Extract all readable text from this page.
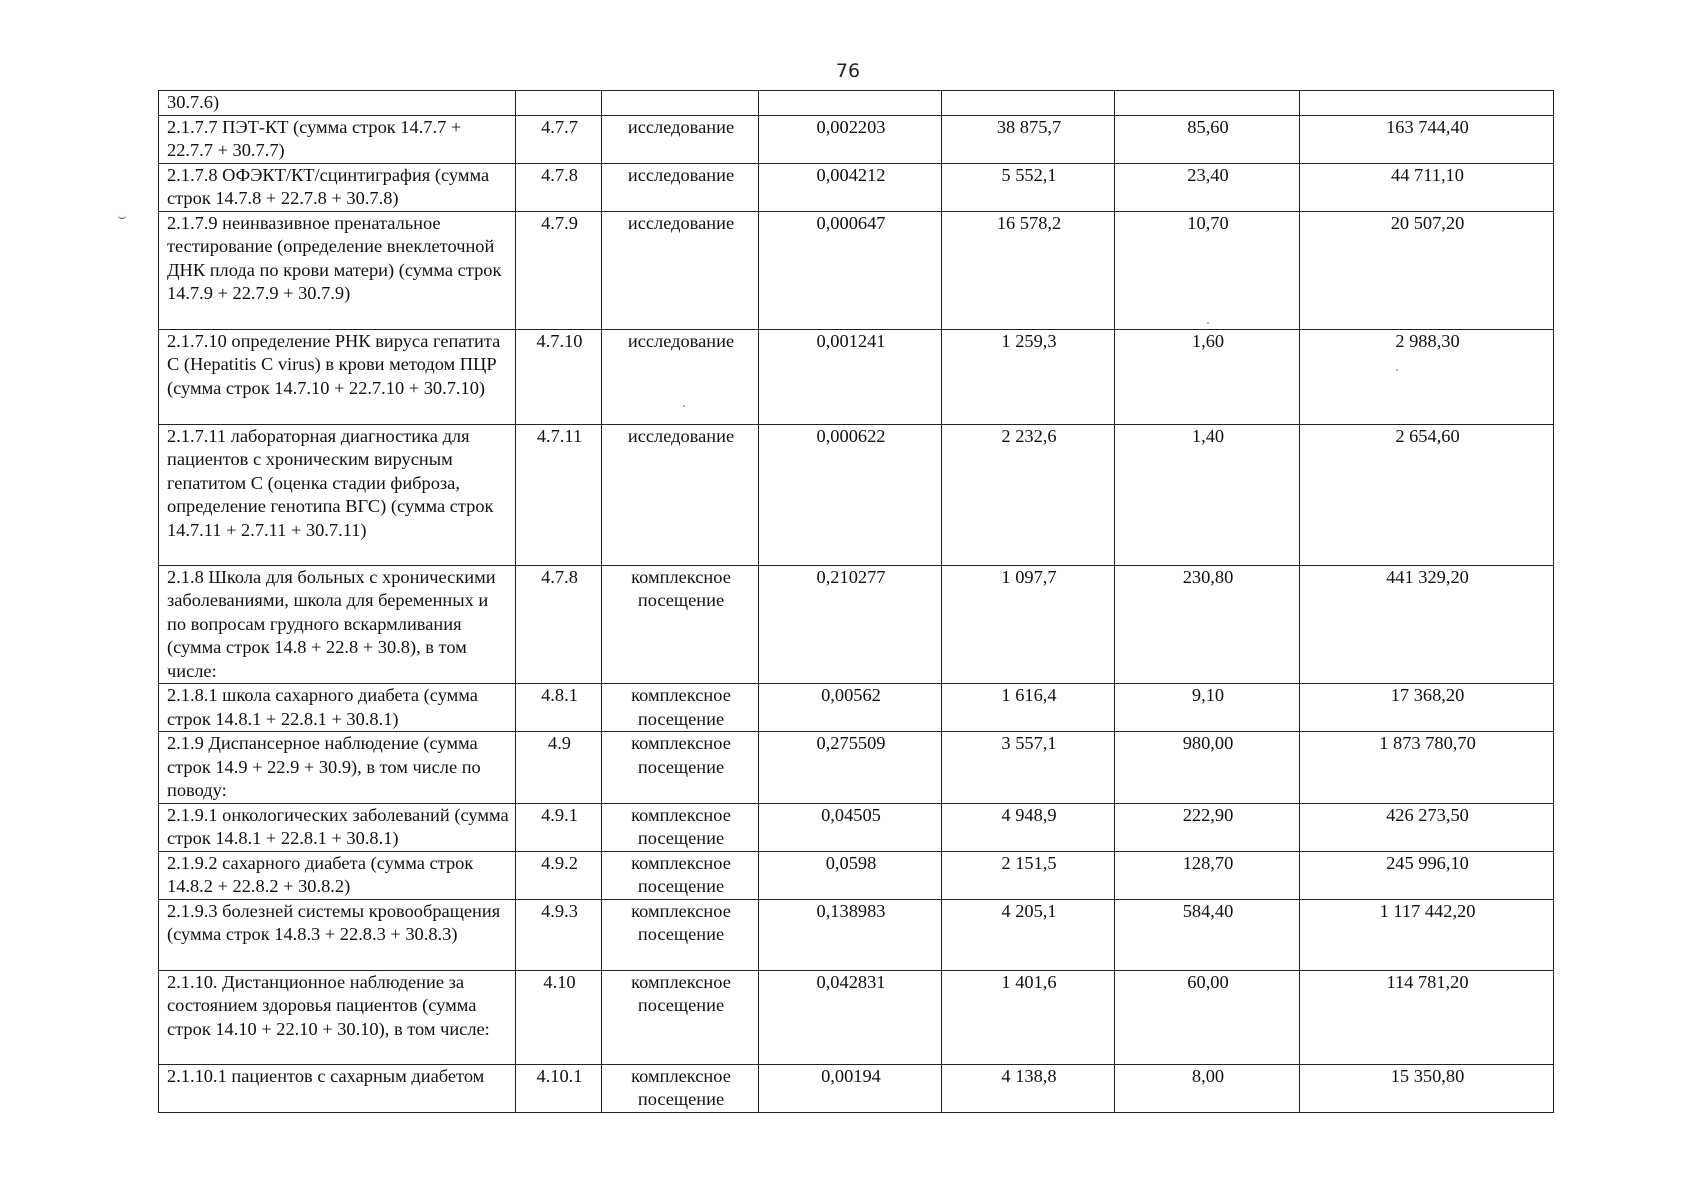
76
30.7.6)						
2.1.7.7 ПЭТ-КТ (сумма строк 14.7.7 + 22.7.7 + 30.7.7)	4.7.7	исследование	0,002203	38 875,7	85,60	163 744,40
2.1.7.8 ОФЭКТ/КТ/сцинтиграфия (сумма строк 14.7.8 + 22.7.8 + 30.7.8)	4.7.8	исследование	0,004212	5 552,1	23,40	44 711,10
2.1.7.9 неинвазивное пренатальное тестирование (определение внеклеточной ДНК плода по крови матери) (сумма строк 14.7.9 + 22.7.9 + 30.7.9)	4.7.9	исследование	0,000647	16 578,2	10,70	20 507,20
2.1.7.10 определение РНК вируса гепатита С (Hepatitis C virus) в крови методом ПЦР (сумма строк 14.7.10 + 22.7.10 + 30.7.10)	4.7.10	исследование	0,001241	1 259,3	1,60	2 988,30
2.1.7.11 лабораторная диагностика для пациентов с хроническим вирусным гепатитом С (оценка стадии фиброза, определение генотипа ВГС) (сумма строк 14.7.11 + 2.7.11 + 30.7.11)	4.7.11	исследование	0,000622	2 232,6	1,40	2 654,60
2.1.8 Школа для больных с хроническими заболеваниями, школа для беременных и по вопросам грудного вскармливания (сумма строк 14.8 + 22.8 + 30.8), в том числе:	4.7.8	комплексное посещение	0,210277	1 097,7	230,80	441 329,20
2.1.8.1 школа сахарного диабета (сумма строк 14.8.1 + 22.8.1 + 30.8.1)	4.8.1	комплексное посещение	0,00562	1 616,4	9,10	17 368,20
2.1.9 Диспансерное наблюдение (сумма строк 14.9 + 22.9 + 30.9), в том числе по поводу:	4.9	комплексное посещение	0,275509	3 557,1	980,00	1 873 780,70
2.1.9.1 онкологических заболеваний (сумма строк 14.8.1 + 22.8.1 + 30.8.1)	4.9.1	комплексное посещение	0,04505	4 948,9	222,90	426 273,50
2.1.9.2 сахарного диабета (сумма строк 14.8.2 + 22.8.2 + 30.8.2)	4.9.2	комплексное посещение	0,0598	2 151,5	128,70	245 996,10
2.1.9.3 болезней системы кровообращения (сумма строк 14.8.3 + 22.8.3 + 30.8.3)	4.9.3	комплексное посещение	0,138983	4 205,1	584,40	1 117 442,20
2.1.10. Дистанционное наблюдение за состоянием здоровья пациентов (сумма строк 14.10 + 22.10 + 30.10), в том числе:	4.10	комплексное посещение	0,042831	1 401,6	60,00	114 781,20
2.1.10.1 пациентов с сахарным диабетом	4.10.1	комплексное посещение	0,00194	4 138,8	8,00	15 350,80
